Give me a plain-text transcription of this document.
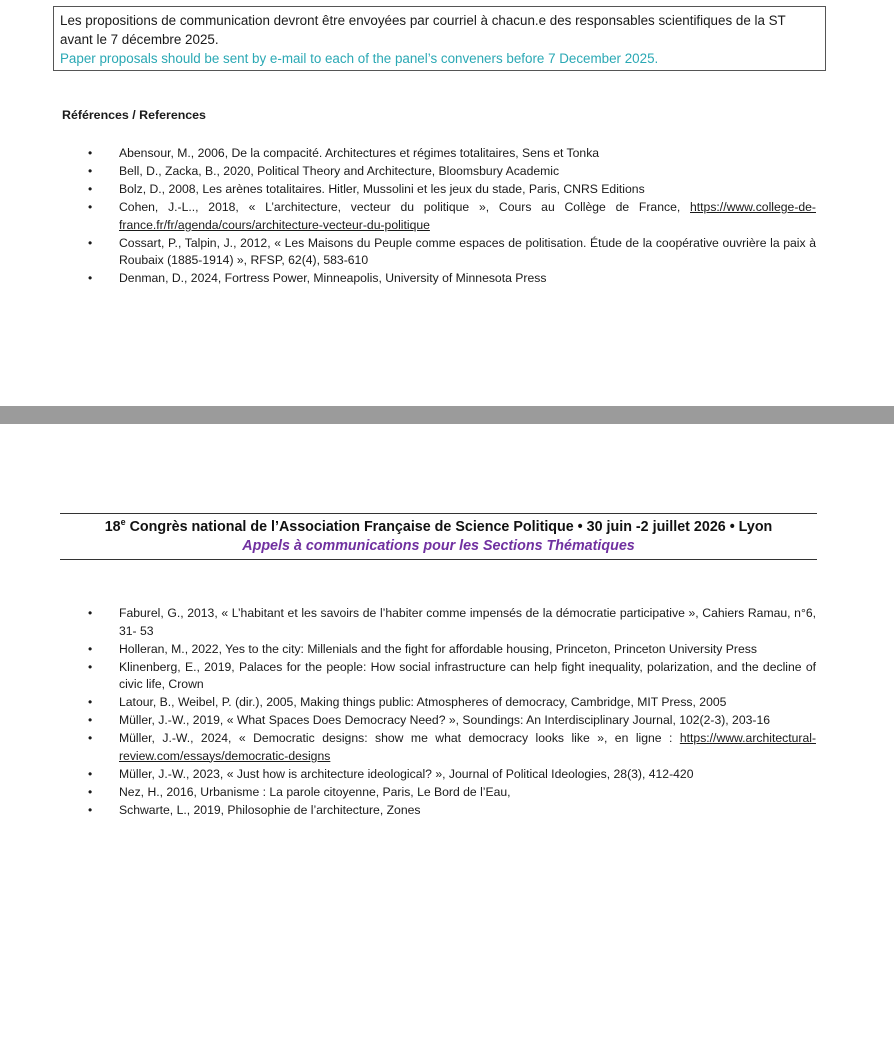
Les propositions de communication devront être envoyées par courriel à chacun.e des responsables scientifiques de la ST avant le 7 décembre 2025.
Paper proposals should be sent by e-mail to each of the panel’s conveners before 7 December 2025.
Références / References
• Abensour, M., 2006, De la compacité. Architectures et régimes totalitaires, Sens et Tonka
• Bell, D., Zacka, B., 2020, Political Theory and Architecture, Bloomsbury Academic
• Bolz, D., 2008, Les arènes totalitaires. Hitler, Mussolini et les jeux du stade, Paris, CNRS Editions
• Cohen, J.-L.., 2018, « L’architecture, vecteur du politique », Cours au Collège de France, https://www.college-de-france.fr/fr/agenda/cours/architecture-vecteur-du-politique
• Cossart, P., Talpin, J., 2012, « Les Maisons du Peuple comme espaces de politisation. Étude de la coopérative ouvrière la paix à Roubaix (1885-1914) », RFSP, 62(4), 583-610
• Denman, D., 2024, Fortress Power, Minneapolis, University of Minnesota Press
18e Congrès national de l’Association Française de Science Politique • 30 juin -2 juillet 2026 • Lyon
Appels à communications pour les Sections Thématiques
• Faburel, G., 2013, « L’habitant et les savoirs de l’habiter comme impensés de la démocratie participative », Cahiers Ramau, n°6, 31- 53
• Holleran, M., 2022, Yes to the city: Millenials and the fight for affordable housing, Princeton, Princeton University Press
• Klinenberg, E., 2019, Palaces for the people: How social infrastructure can help fight inequality, polarization, and the decline of civic life, Crown
• Latour, B., Weibel, P. (dir.), 2005, Making things public: Atmospheres of democracy, Cambridge, MIT Press, 2005
• Müller, J.-W., 2019, « What Spaces Does Democracy Need? », Soundings: An Interdisciplinary Journal, 102(2-3), 203-16
• Müller, J.-W., 2024, « Democratic designs: show me what democracy looks like », en ligne : https://www.architectural-review.com/essays/democratic-designs
• Müller, J.-W., 2023, « Just how is architecture ideological? », Journal of Political Ideologies, 28(3), 412-420
• Nez, H., 2016, Urbanisme : La parole citoyenne, Paris, Le Bord de l’Eau,
• Schwarte, L., 2019, Philosophie de l’architecture, Zones
